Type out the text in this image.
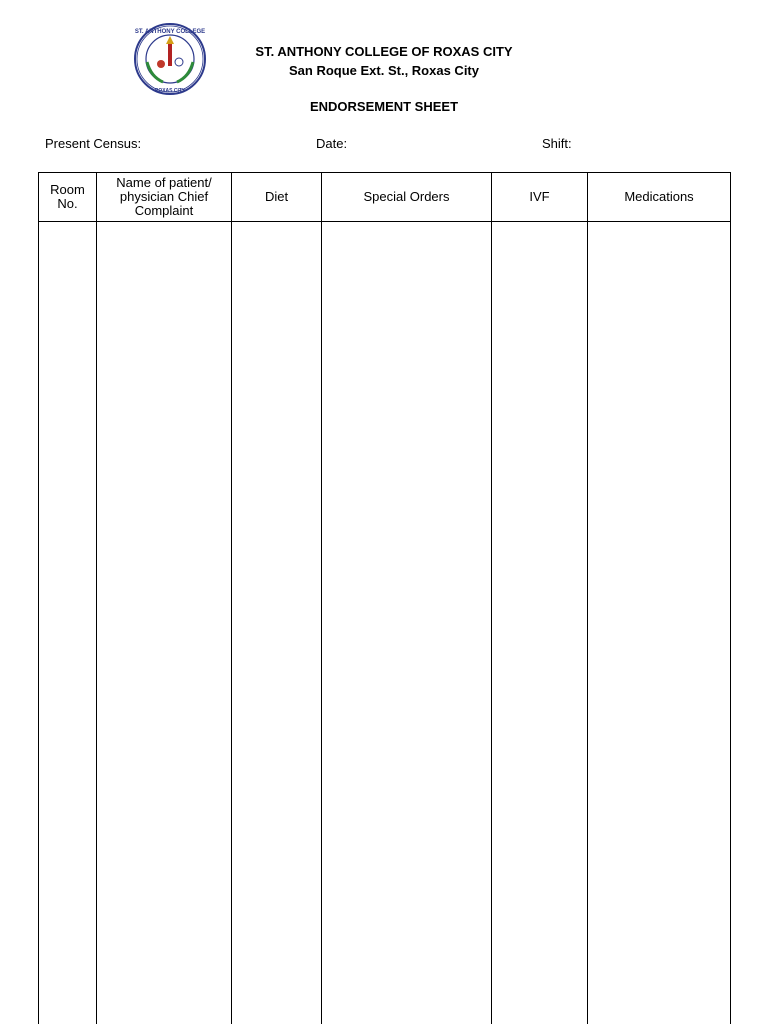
ST. ANTHONY COLLEGE
ROXAS CITY
ST. ANTHONY COLLEGE OF ROXAS CITY
San Roque Ext. St., Roxas City
ENDORSEMENT SHEET
Present Census:	Date:	Shift:
Room No.	Name of patient/ physician Chief Complaint	Diet	Special Orders	IVF	Medications
